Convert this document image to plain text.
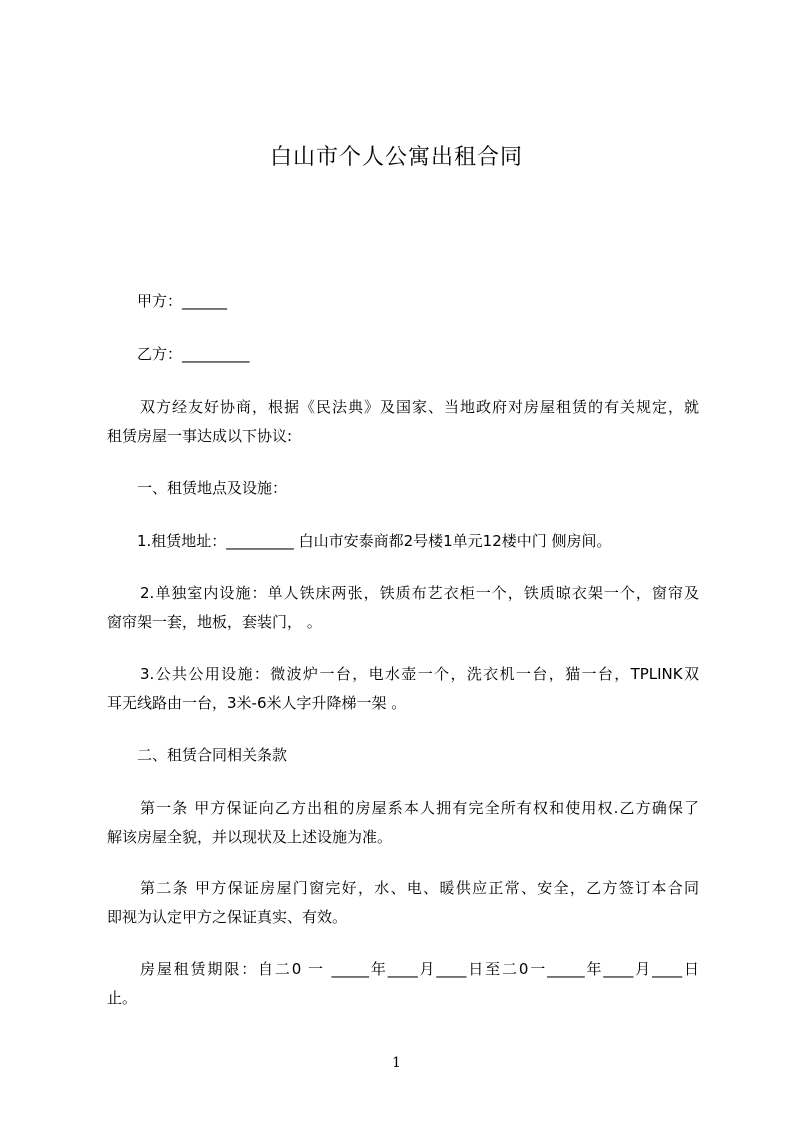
白山市个人公寓出租合同
甲方：______
乙方：_________
双方经友好协商，根据《民法典》及国家、当地政府对房屋租赁的有关规定，就
租赁房屋一事达成以下协议:
一、租赁地点及设施：
1.租赁地址：_________ 白山市安泰商都2号楼1单元12楼中门 侧房间。
2.单独室内设施：单人铁床两张，铁质布艺衣柜一个，铁质晾衣架一个，窗帘及
窗帘架一套，地板，套装门， 。
3.公共公用设施：微波炉一台，电水壶一个，洗衣机一台，猫一台，TPLINK双
耳无线路由一台，3米-6米人字升降梯一架 。
二、租赁合同相关条款
第一条 甲方保证向乙方出租的房屋系本人拥有完全所有权和使用权.乙方确保了
解该房屋全貌，并以现状及上述设施为准。
第二条 甲方保证房屋门窗完好，水、电、暖供应正常、安全，乙方签订本合同
即视为认定甲方之保证真实、有效。
房屋租赁期限：自二0 一 _____年____月____日至二0一_____年____月____日
止。
1
